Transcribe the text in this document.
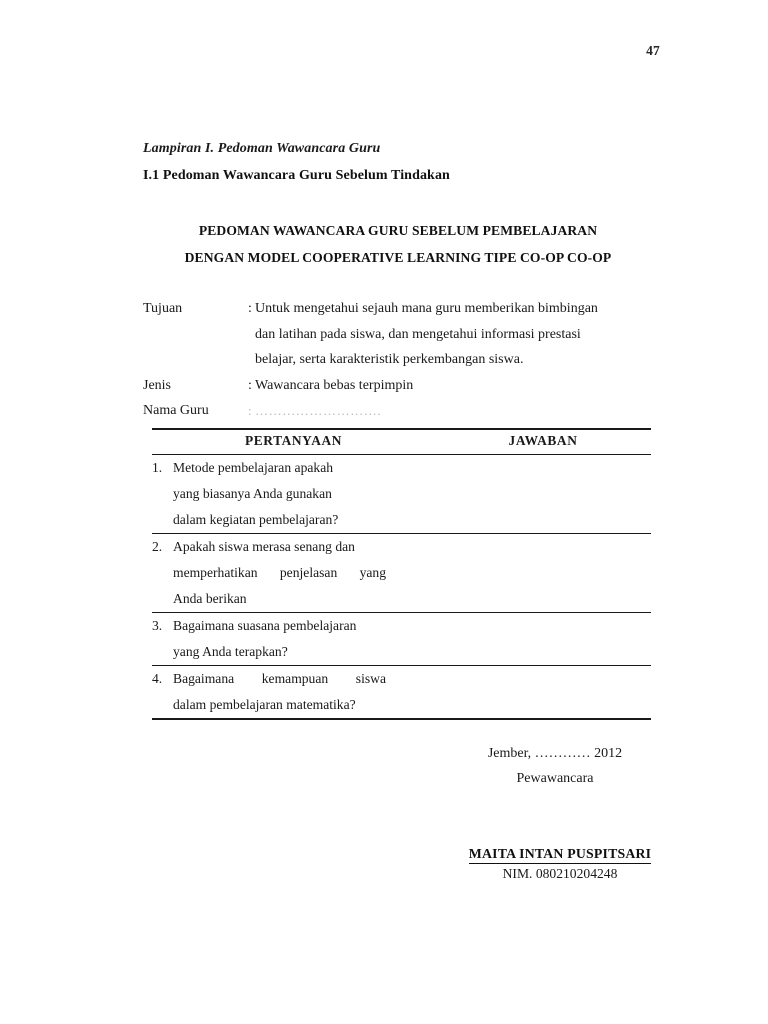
47
Lampiran I. Pedoman Wawancara Guru
I.1 Pedoman Wawancara Guru Sebelum Tindakan
PEDOMAN WAWANCARA GURU SEBELUM PEMBELAJARAN
DENGAN MODEL COOPERATIVE LEARNING TIPE CO-OP CO-OP
Tujuan	: Untuk mengetahui sejauh mana guru memberikan bimbingan
dan latihan pada siswa, dan mengetahui informasi prestasi
belajar, serta karakteristik perkembangan siswa.
Jenis	: Wawancara bebas terpimpin
Nama Guru	: ……………………….
PERTANYAAN	JAWABAN

1. Metode pembelajaran apakah
yang biasanya Anda gunakan
dalam kegiatan pembelajaran?	

2. Apakah siswa merasa senang dan
memperhatikan penjelasan yang
Anda berikan

3. Bagaimana suasana pembelajaran
yang Anda terapkan?	

4. Bagaimana kemampuan siswa
dalam pembelajaran matematika?	

Jember, ………… 2012
Pewawancara
MAITA INTAN PUSPITSARI
NIM. 080210204248
